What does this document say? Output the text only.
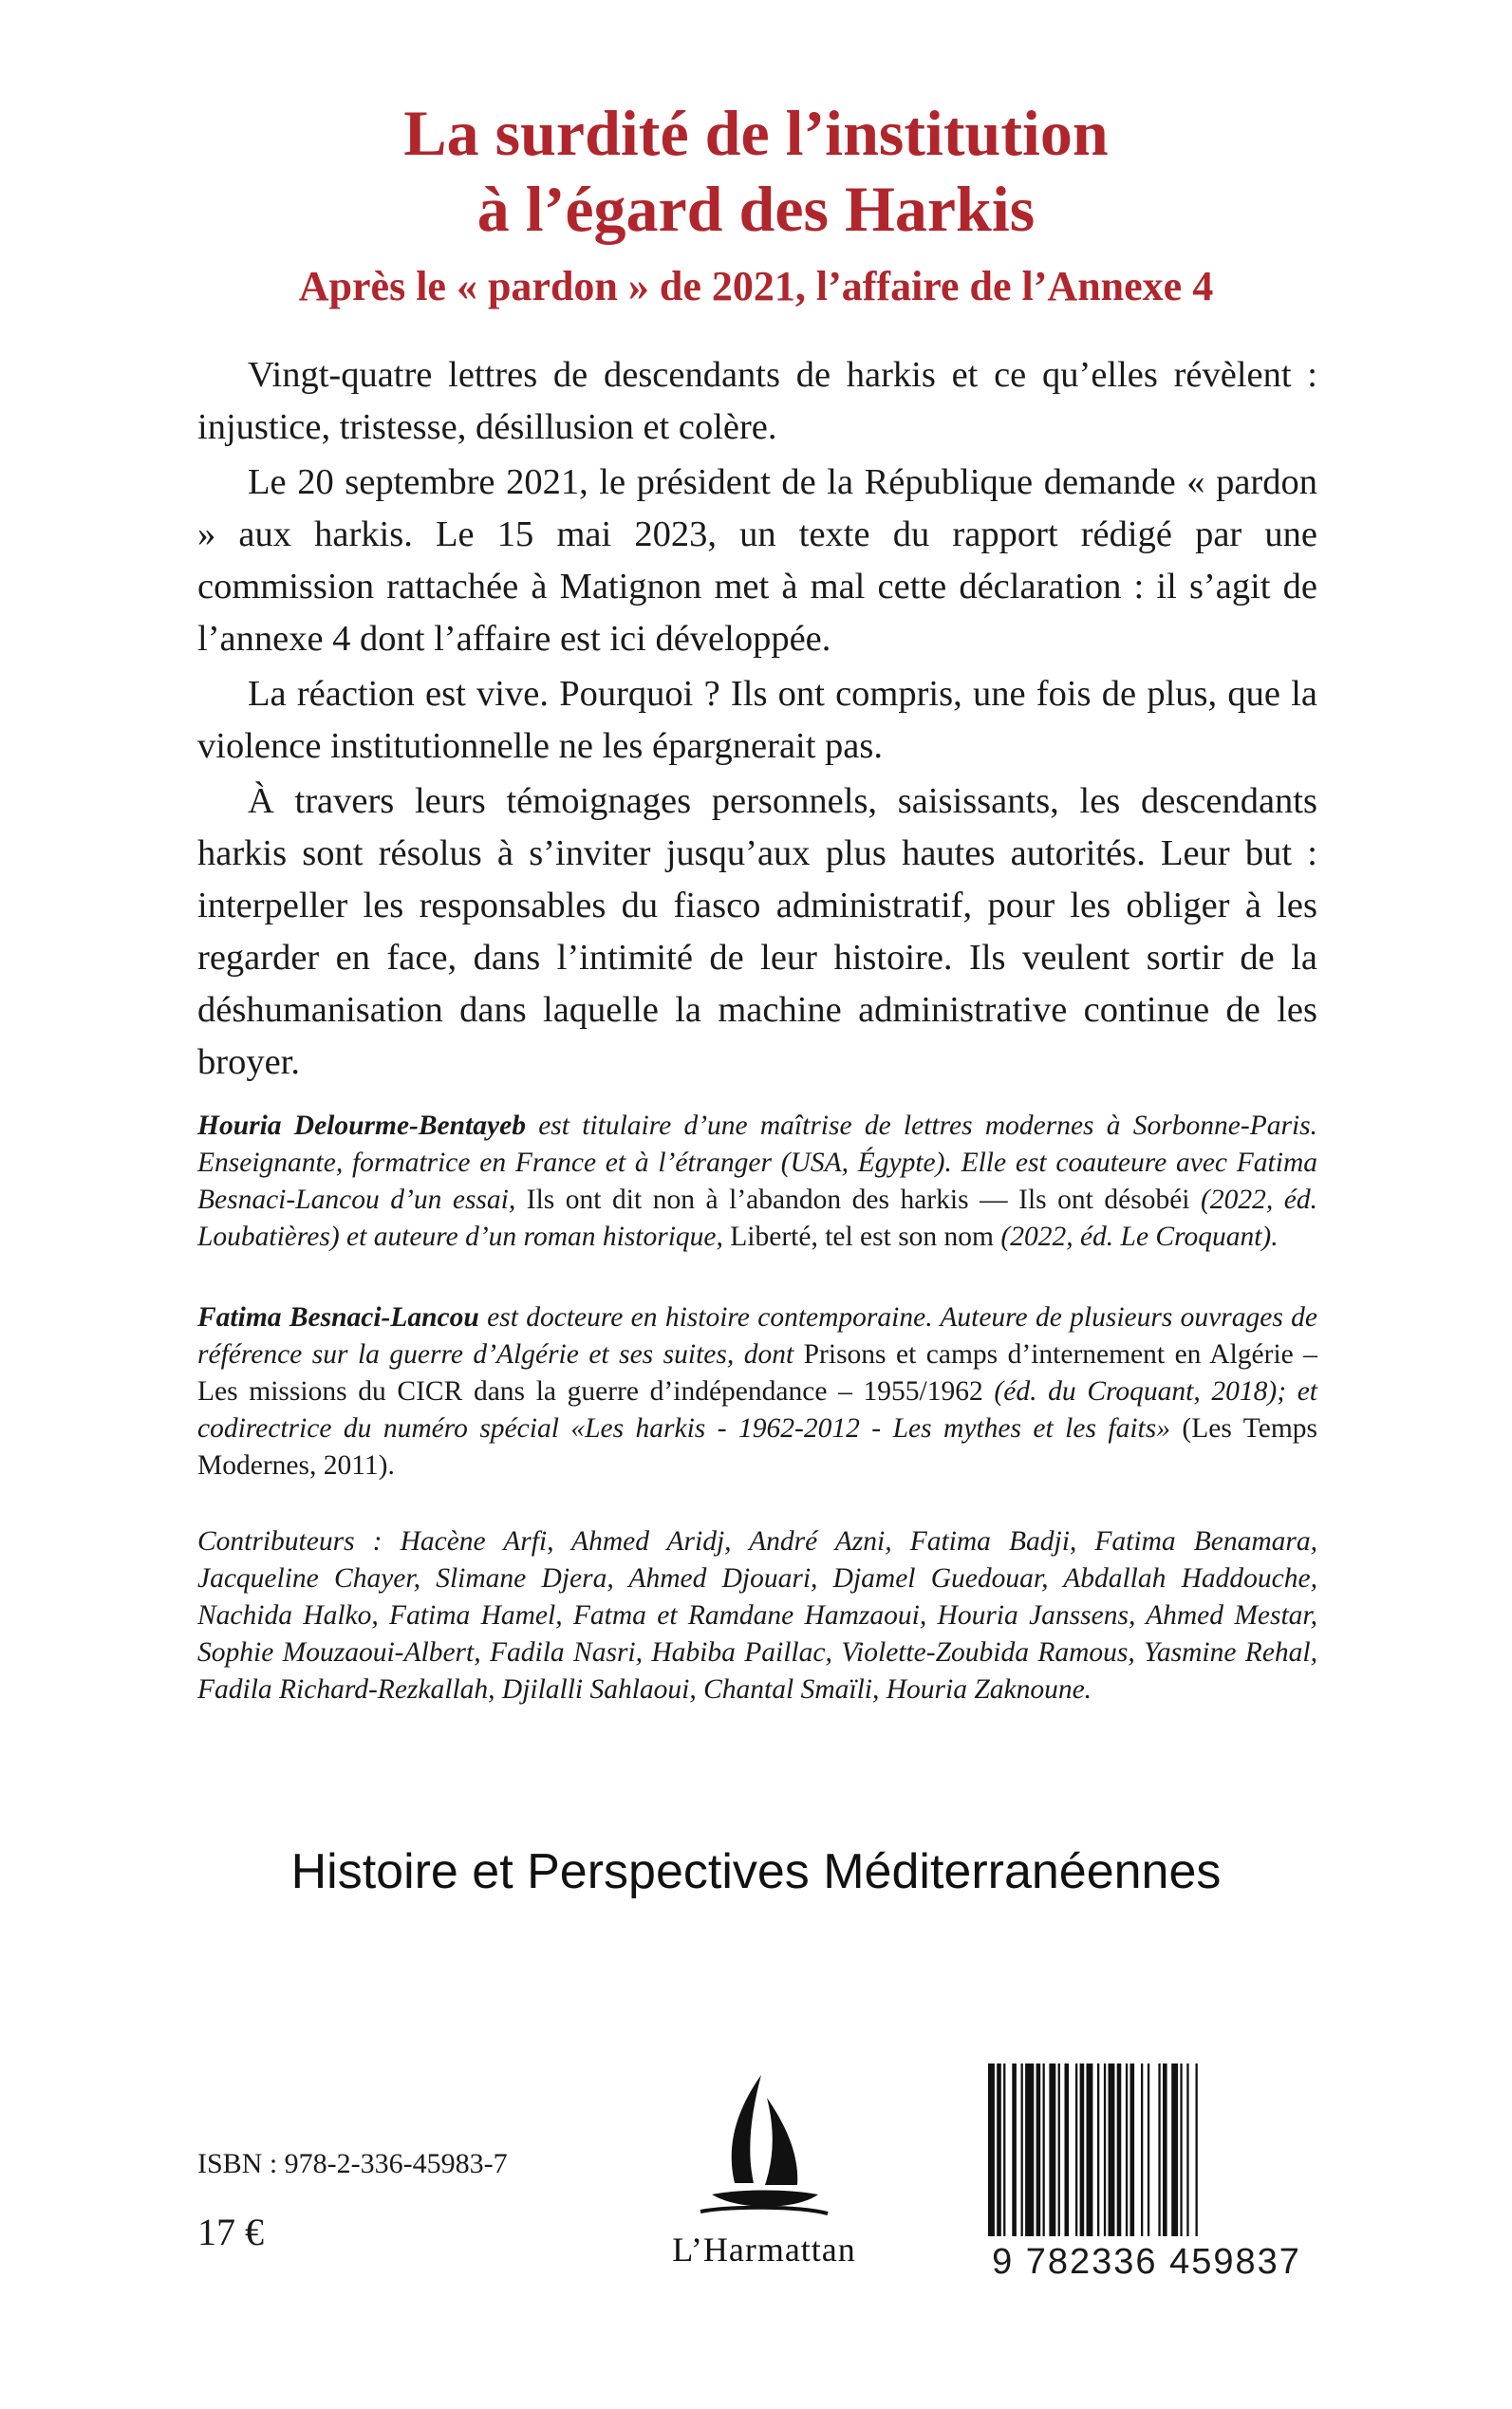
La surdité de l’institution
à l’égard des Harkis
Après le « pardon » de 2021, l’affaire de l’Annexe 4

Vingt-quatre lettres de descendants de harkis et ce qu’elles révèlent : injustice, tristesse, désillusion et colère.

Le 20 septembre 2021, le président de la République demande « pardon » aux harkis. Le 15 mai 2023, un texte du rapport rédigé par une commission rattachée à Matignon met à mal cette déclaration : il s’agit de l’annexe 4 dont l’affaire est ici développée.

La réaction est vive. Pourquoi ? Ils ont compris, une fois de plus, que la violence institutionnelle ne les épargnerait pas.

À travers leurs témoignages personnels, saisissants, les descendants harkis sont résolus à s’inviter jusqu’aux plus hautes autorités. Leur but : interpeller les responsables du fiasco administratif, pour les obliger à les regarder en face, dans l’intimité de leur histoire. Ils veulent sortir de la déshumanisation dans laquelle la machine administrative continue de les broyer.

Houria Delourme-Bentayeb est titulaire d’une maîtrise de lettres modernes à Sorbonne-Paris. Enseignante, formatrice en France et à l’étranger (USA, Égypte). Elle est coauteure avec Fatima Besnaci-Lancou d’un essai, Ils ont dit non à l’abandon des harkis — Ils ont désobéi (2022, éd. Loubatières) et auteure d’un roman historique, Liberté, tel est son nom (2022, éd. Le Croquant).
Fatima Besnaci-Lancou est docteure en histoire contemporaine. Auteure de plusieurs ouvrages de référence sur la guerre d’Algérie et ses suites, dont Prisons et camps d’internement en Algérie – Les missions du CICR dans la guerre d’indépendance – 1955/1962 (éd. du Croquant, 2018); et codirectrice du numéro spécial «Les harkis - 1962-2012 - Les mythes et les faits» (Les Temps Modernes, 2011).
Contributeurs : Hacène Arfi, Ahmed Aridj, André Azni, Fatima Badji, Fatima Benamara, Jacqueline Chayer, Slimane Djera, Ahmed Djouari, Djamel Guedouar, Abdallah Haddouche, Nachida Halko, Fatima Hamel, Fatma et Ramdane Hamzaoui, Houria Janssens, Ahmed Mestar, Sophie Mouzaoui-Albert, Fadila Nasri, Habiba Paillac, Violette-Zoubida Ramous, Yasmine Rehal, Fadila Richard-Rezkallah, Djilalli Sahlaoui, Chantal Smaïli, Houria Zaknoune.
Histoire et Perspectives Méditerranéennes
ISBN : 978-2-336-45983-7
17 €	L’Harmattan	9 782336 459837
